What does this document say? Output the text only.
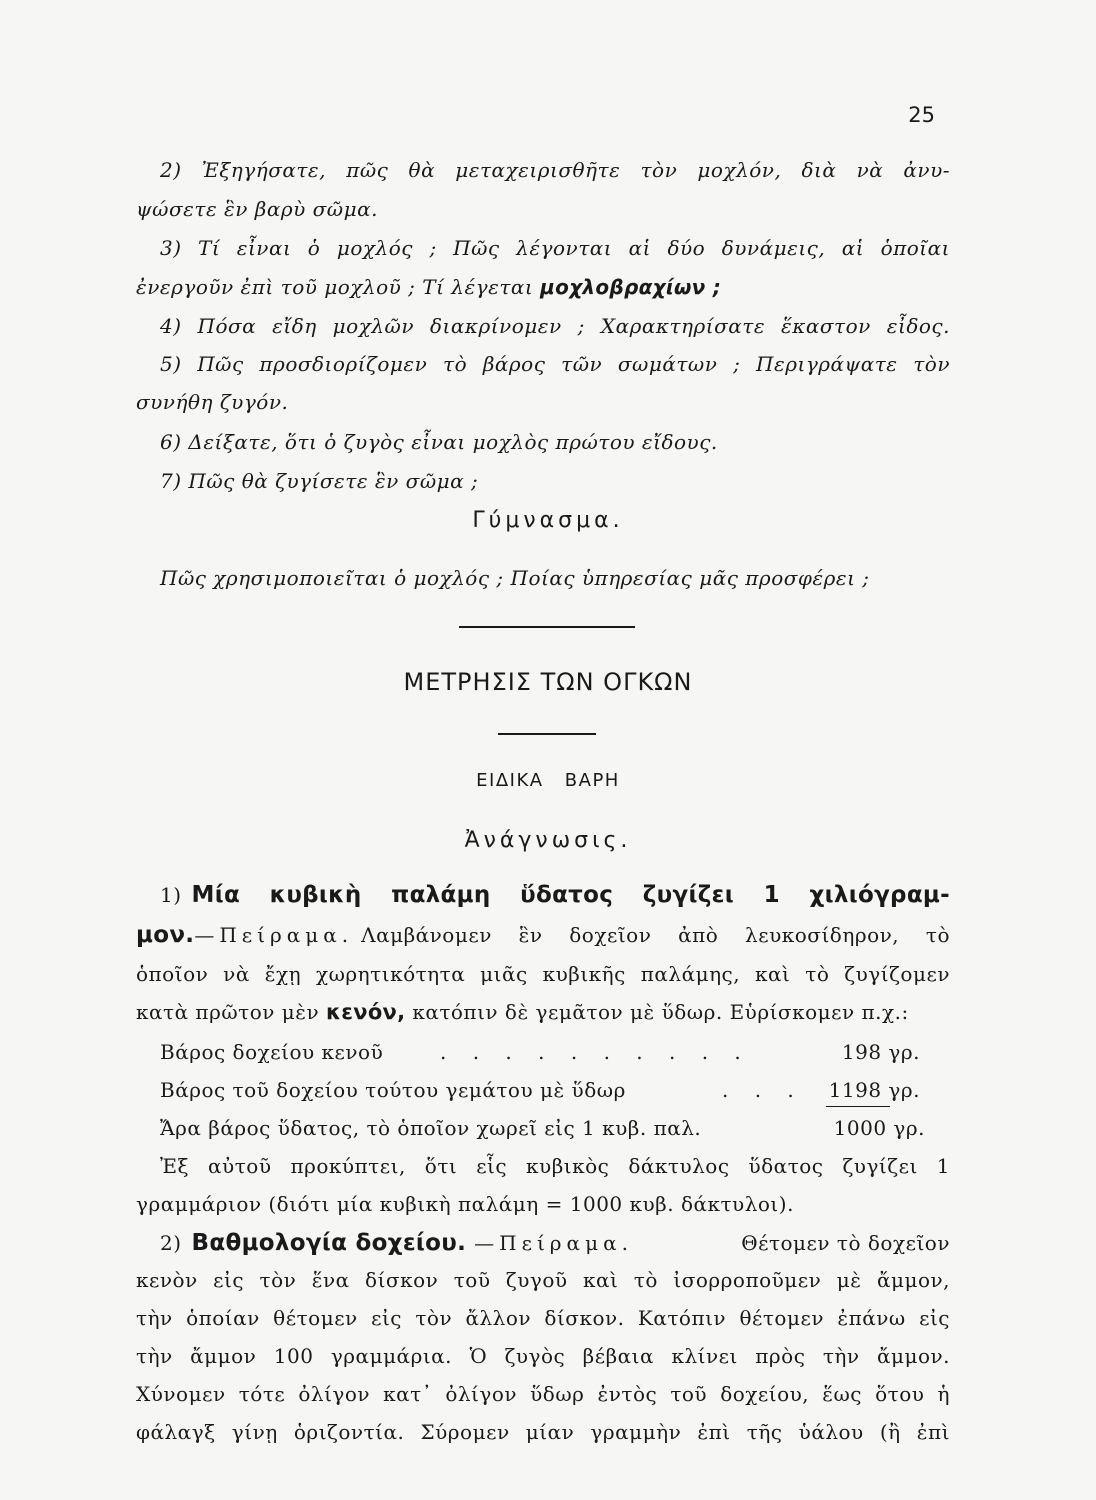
25
2) Ἐξηγήσατε, πῶς θὰ μεταχειρισθῆτε τὸν μοχλόν, διὰ νὰ ἀνυ-
ψώσετε ἓν βαρὺ σῶμα.
3) Τί εἶναι ὁ μοχλός ; Πῶς λέγονται αἱ δύο δυνάμεις, αἱ ὁποῖαι
ἐνεργοῦν ἐπὶ τοῦ μοχλοῦ ; Τί λέγεται μοχλοβραχίων ;
4) Πόσα εἴδη μοχλῶν διακρίνομεν ; Χαρακτηρίσατε ἕκαστον εἶδος.
5) Πῶς προσδιορίζομεν τὸ βάρος τῶν σωμάτων ; Περιγράψατε τὸν
συνήθη ζυγόν.
6) Δείξατε, ὅτι ὁ ζυγὸς εἶναι μοχλὸς πρώτου εἴδους.
7) Πῶς θὰ ζυγίσετε ἓν σῶμα ;
Γύμνασμα.
Πῶς χρησιμοποιεῖται ὁ μοχλός ; Ποίας ὑπηρεσίας μᾶς προσφέρει ;
ΜΕΤΡΗΣΙΣ ΤΩΝ ΟΓΚΩΝ
ΕΙΔΙΚΑ ΒΑΡΗ
Ἀνάγνωσις.
1) Μία κυβικὴ παλάμη ὕδατος ζυγίζει 1 χιλιόγραμ-
μον. —Πείραμα. Λαμβάνομεν ἓν δοχεῖον ἀπὸ λευκοσίδηρον, τὸ
ὁποῖον νὰ ἔχῃ χωρητικότητα μιᾶς κυβικῆς παλάμης, καὶ τὸ ζυγίζομεν
κατὰ πρῶτον μὲν κενόν, κατόπιν δὲ γεμᾶτον μὲ ὕδωρ. Εὑρίσκομεν π.χ.:
Βάρος δοχείου κενοῦ	. . . . . . . . . .	198 γρ.
Βάρος τοῦ δοχείου τούτου γεμάτου μὲ ὕδωρ	. . .	1198 γρ.
Ἄρα βάρος ὕδατος, τὸ ὁποῖον χωρεῖ εἰς 1 κυβ. παλ.	1000 γρ.
Ἐξ αὐτοῦ προκύπτει, ὅτι εἷς κυβικὸς δάκτυλος ὕδατος ζυγίζει 1
γραμμάριον (διότι μία κυβικὴ παλάμη = 1000 κυβ. δάκτυλοι).
2) Βαθμολογία δοχείου. —Πείραμα.	Θέτομεν τὸ δοχεῖον
κενὸν εἰς τὸν ἕνα δίσκον τοῦ ζυγοῦ καὶ τὸ ἰσορροποῦμεν μὲ ἄμμον,
τὴν ὁποίαν θέτομεν εἰς τὸν ἄλλον δίσκον. Κατόπιν θέτομεν ἐπάνω εἰς
τὴν ἄμμον 100 γραμμάρια. Ὁ ζυγὸς βέβαια κλίνει πρὸς τὴν ἄμμον.
Χύνομεν τότε ὀλίγον κατ᾽ ὀλίγον ὕδωρ ἐντὸς τοῦ δοχείου, ἕως ὅτου ἡ
φάλαγξ γίνῃ ὁριζοντία. Σύρομεν μίαν γραμμὴν ἐπὶ τῆς ὑάλου (ἢ ἐπὶ
